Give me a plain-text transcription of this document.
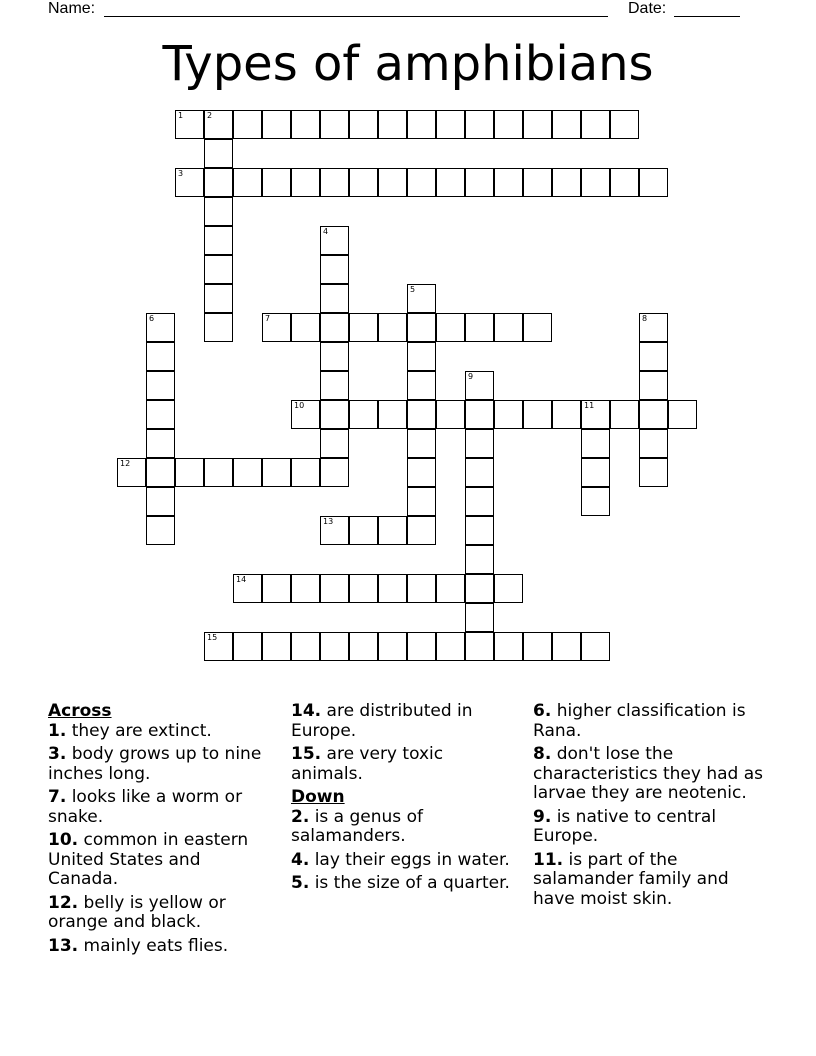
Name:	Date:
Types of amphibians
1	2
3
4
5
6	7	8
9
10	11
12
13
14
15

Across

1. they are extinct.

3. body grows up to nine inches long.

7. looks like a worm or snake.

10. common in eastern United States and Canada.

12. belly is yellow or orange and black.

13. mainly eats flies.

14. are distributed in Europe.

15. are very toxic animals.

Down

2. is a genus of salamanders.

4. lay their eggs in water.

5. is the size of a quarter.

6. higher classification is Rana.

8. don't lose the characteristics they had as larvae they are neotenic.

9. is native to central Europe.

11. is part of the salamander family and have moist skin.
